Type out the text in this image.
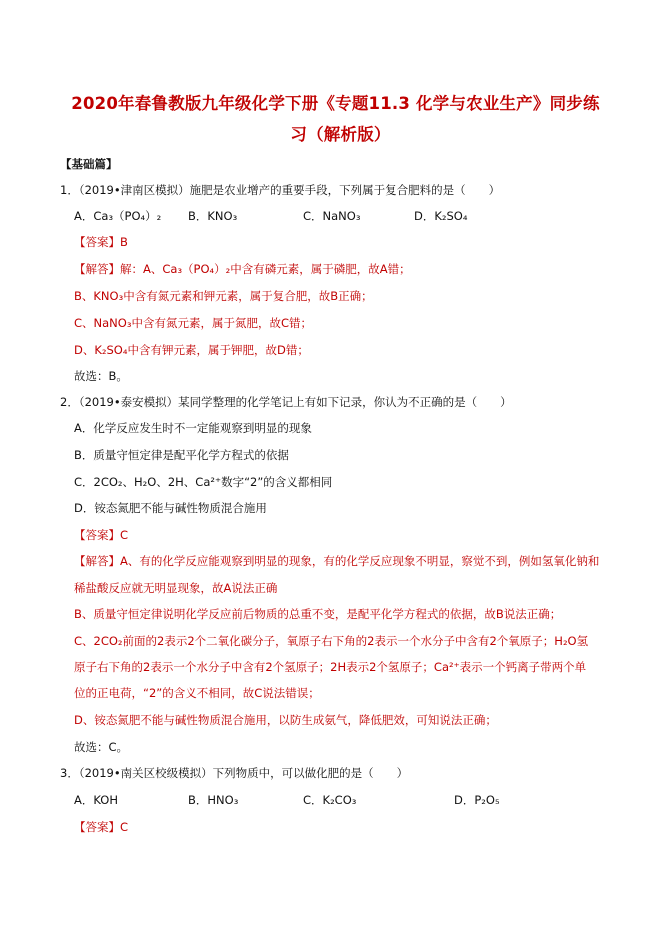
2020年春鲁教版九年级化学下册《专题11.3 化学与农业生产》同步练
习（解析版）
【基础篇】
1．（2019•津南区模拟）施肥是农业增产的重要手段，下列属于复合肥料的是（　　）
A．Ca₃（PO₄）₂ B．KNO₃	C．NaNO₃	D．K₂SO₄
【答案】B
【解答】解：A、Ca₃（PO₄）₂中含有磷元素，属于磷肥，故A错；
B、KNO₃中含有氮元素和钾元素，属于复合肥，故B正确；
C、NaNO₃中含有氮元素，属于氮肥，故C错；
D、K₂SO₄中含有钾元素，属于钾肥，故D错；
故选：B。
2．（2019•泰安模拟）某同学整理的化学笔记上有如下记录，你认为不正确的是（　　）
A．化学反应发生时不一定能观察到明显的现象
B．质量守恒定律是配平化学方程式的依据
C．2CO₂、H₂O、2H、Ca²⁺数字“2”的含义都相同
D．铵态氮肥不能与碱性物质混合施用
【答案】C
【解答】A、有的化学反应能观察到明显的现象，有的化学反应现象不明显，察觉不到，例如氢氧化钠和
稀盐酸反应就无明显现象，故A说法正确
B、质量守恒定律说明化学反应前后物质的总重不变，是配平化学方程式的依据，故B说法正确；
C、2CO₂前面的2表示2个二氧化碳分子，氧原子右下角的2表示一个水分子中含有2个氧原子；H₂O氢
原子右下角的2表示一个水分子中含有2个氢原子；2H表示2个氢原子；Ca²⁺表示一个钙离子带两个单
位的正电荷，“2”的含义不相同，故C说法错误；
D、铵态氮肥不能与碱性物质混合施用，以防生成氨气，降低肥效，可知说法正确；
故选：C。
3．（2019•南关区校级模拟）下列物质中，可以做化肥的是（　　）
A．KOH	B．HNO₃	C．K₂CO₃	D．P₂O₅
【答案】C
